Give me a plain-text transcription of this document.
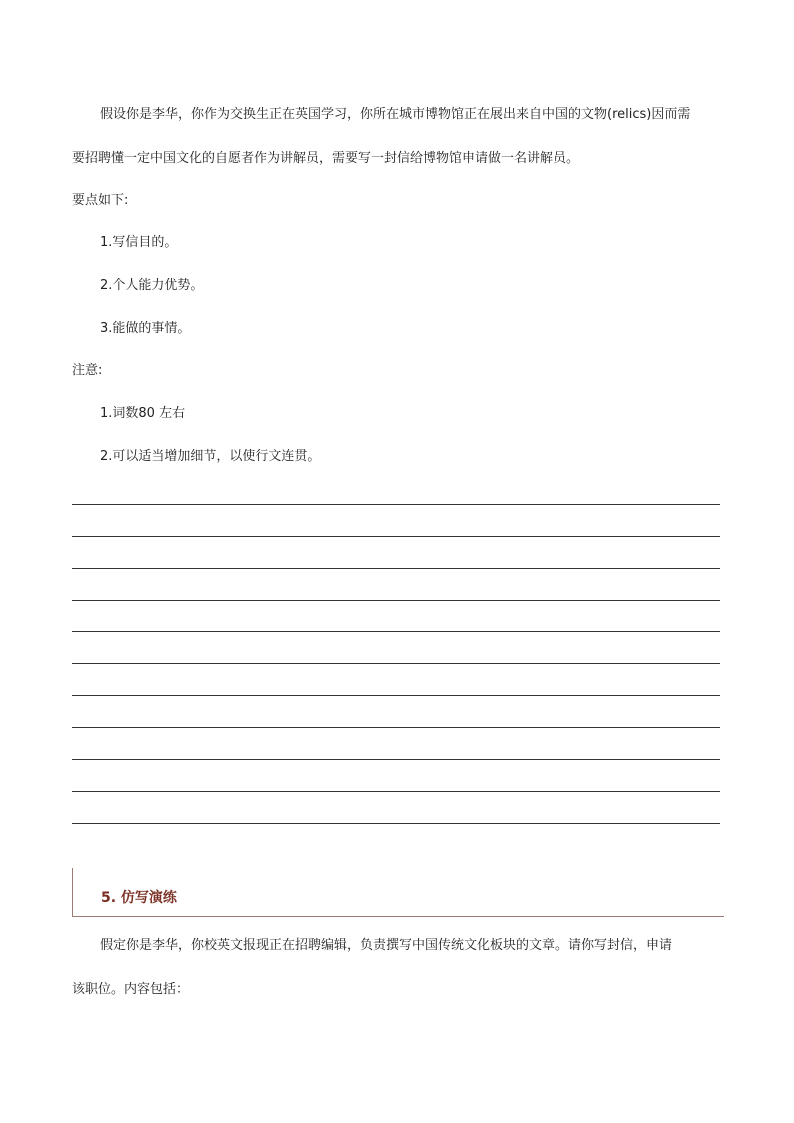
假设你是李华，你作为交换生正在英国学习，你所在城市博物馆正在展出来自中国的文物(relics)因而需

要招聘懂一定中国文化的自愿者作为讲解员，需要写一封信给博物馆申请做一名讲解员。

要点如下:

1.写信目的。

2.个人能力优势。

3.能做的事情。

注意:

1.词数80 左右

2.可以适当增加细节，以使行文连贯。

5. 仿写演练

假定你是李华，你校英文报现正在招聘编辑，负责撰写中国传统文化板块的文章。请你写封信，申请

该职位。内容包括：
